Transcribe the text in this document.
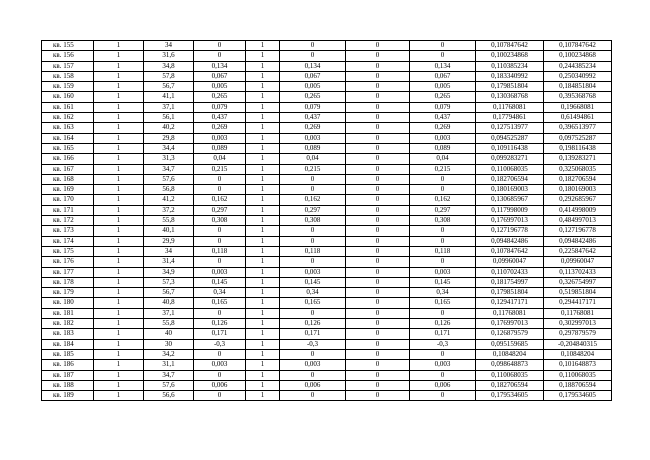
кв. 155	1	34	0	1	0	0	0	0,107847642	0,107847642
кв. 156	1	31,6	0	1	0	0	0	0,100234868	0,100234868
кв. 157	1	34,8	0,134	1	0,134	0	0,134	0,110385234	0,244385234
кв. 158	1	57,8	0,067	1	0,067	0	0,067	0,183340992	0,250340992
кв. 159	1	56,7	0,005	1	0,005	0	0,005	0,179851804	0,184851804
кв. 160	1	41,1	0,265	1	0,265	0	0,265	0,130368768	0,395368768
кв. 161	1	37,1	0,079	1	0,079	0	0,079	0,11768081	0,19668081
кв. 162	1	56,1	0,437	1	0,437	0	0,437	0,17794861	0,61494861
кв. 163	1	40,2	0,269	1	0,269	0	0,269	0,127513977	0,396513977
кв. 164	1	29,8	0,003	1	0,003	0	0,003	0,094525287	0,097525287
кв. 165	1	34,4	0,089	1	0,089	0	0,089	0,109116438	0,198116438
кв. 166	1	31,3	0,04	1	0,04	0	0,04	0,099283271	0,139283271
кв. 167	1	34,7	0,215	1	0,215	0	0,215	0,110068035	0,325068035
кв. 168	1	57,6	0	1	0	0	0	0,182706594	0,182706594
кв. 169	1	56,8	0	1	0	0	0	0,180169003	0,180169003
кв. 170	1	41,2	0,162	1	0,162	0	0,162	0,130685967	0,292685967
кв. 171	1	37,2	0,297	1	0,297	0	0,297	0,117998009	0,414998009
кв. 172	1	55,8	0,308	1	0,308	0	0,308	0,176997013	0,484997013
кв. 173	1	40,1	0	1	0	0	0	0,127196778	0,127196778
кв. 174	1	29,9	0	1	0	0	0	0,094842486	0,094842486
кв. 175	1	34	0,118	1	0,118	0	0,118	0,107847642	0,225847642
кв. 176	1	31,4	0	1	0	0	0	0,09960047	0,09960047
кв. 177	1	34,9	0,003	1	0,003	0	0,003	0,110702433	0,113702433
кв. 178	1	57,3	0,145	1	0,145	0	0,145	0,181754997	0,326754997
кв. 179	1	56,7	0,34	1	0,34	0	0,34	0,179851804	0,519851804
кв. 180	1	40,8	0,165	1	0,165	0	0,165	0,129417171	0,294417171
кв. 181	1	37,1	0	1	0	0	0	0,11768081	0,11768081
кв. 182	1	55,8	0,126	1	0,126	0	0,126	0,176997013	0,302997013
кв. 183	1	40	0,171	1	0,171	0	0,171	0,126879579	0,297879579
кв. 184	1	30	-0,3	1	-0,3	0	-0,3	0,095159685	-0,204840315
кв. 185	1	34,2	0	1	0	0	0	0,10848204	0,10848204
кв. 186	1	31,1	0,003	1	0,003	0	0,003	0,098648873	0,101648873
кв. 187	1	34,7	0	1	0	0	0	0,110068035	0,110068035
кв. 188	1	57,6	0,006	1	0,006	0	0,006	0,182706594	0,188706594
кв. 189	1	56,6	0	1	0	0	0	0,179534605	0,179534605
